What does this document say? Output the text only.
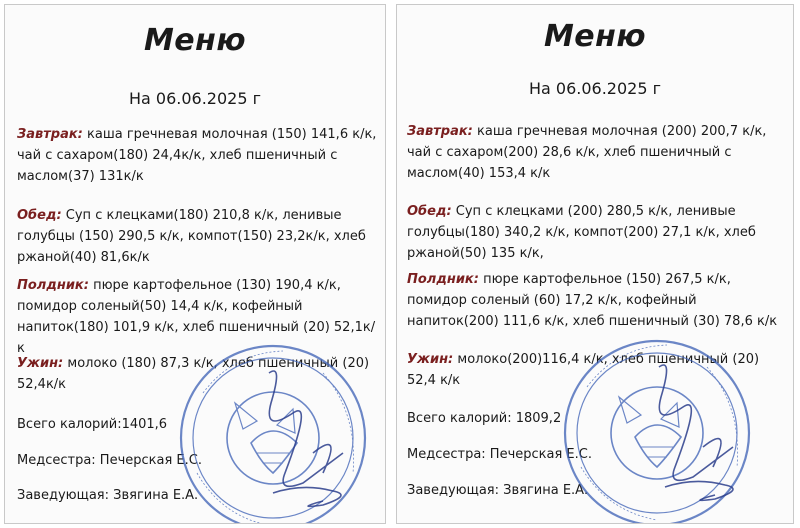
Меню

На 06.06.2025 г

Завтрак: каша гречневая молочная (150) 141,6 к/к, чай с сахаром(180) 24,4к/к, хлеб пшеничный с маслом(37) 131к/к

Обед: Суп с клецками(180) 210,8 к/к, ленивые голубцы (150) 290,5 к/к, компот(150) 23,2к/к, хлеб ржаной(40) 81,6к/к

Полдник: пюре картофельное (130) 190,4 к/к, помидор соленый(50) 14,4 к/к, кофейный напиток(180) 101,9 к/к, хлеб пшеничный (20) 52,1к/к

Ужин: молоко (180) 87,3 к/к, хлеб пшеничный (20) 52,4к/к

Всего калорий:1401,6

Медсестра: Печерская Е.С.

Заведующая: Звягина Е.А.

Меню

На 06.06.2025 г

Завтрак: каша гречневая молочная (200) 200,7 к/к, чай с сахаром(200) 28,6 к/к, хлеб пшеничный с маслом(40) 153,4 к/к

Обед: Суп с клецками (200) 280,5 к/к, ленивые голубцы(180) 340,2 к/к, компот(200) 27,1 к/к, хлеб ржаной(50) 135 к/к,

Полдник: пюре картофельное (150) 267,5 к/к, помидор соленый (60) 17,2 к/к, кофейный напиток(200) 111,6 к/к, хлеб пшеничный (30) 78,6 к/к

Ужин: молоко(200)116,4 к/к, хлеб пшеничный (20) 52,4 к/к

Всего калорий: 1809,2

Медсестра: Печерская Е.С.

Заведующая: Звягина Е.А.
